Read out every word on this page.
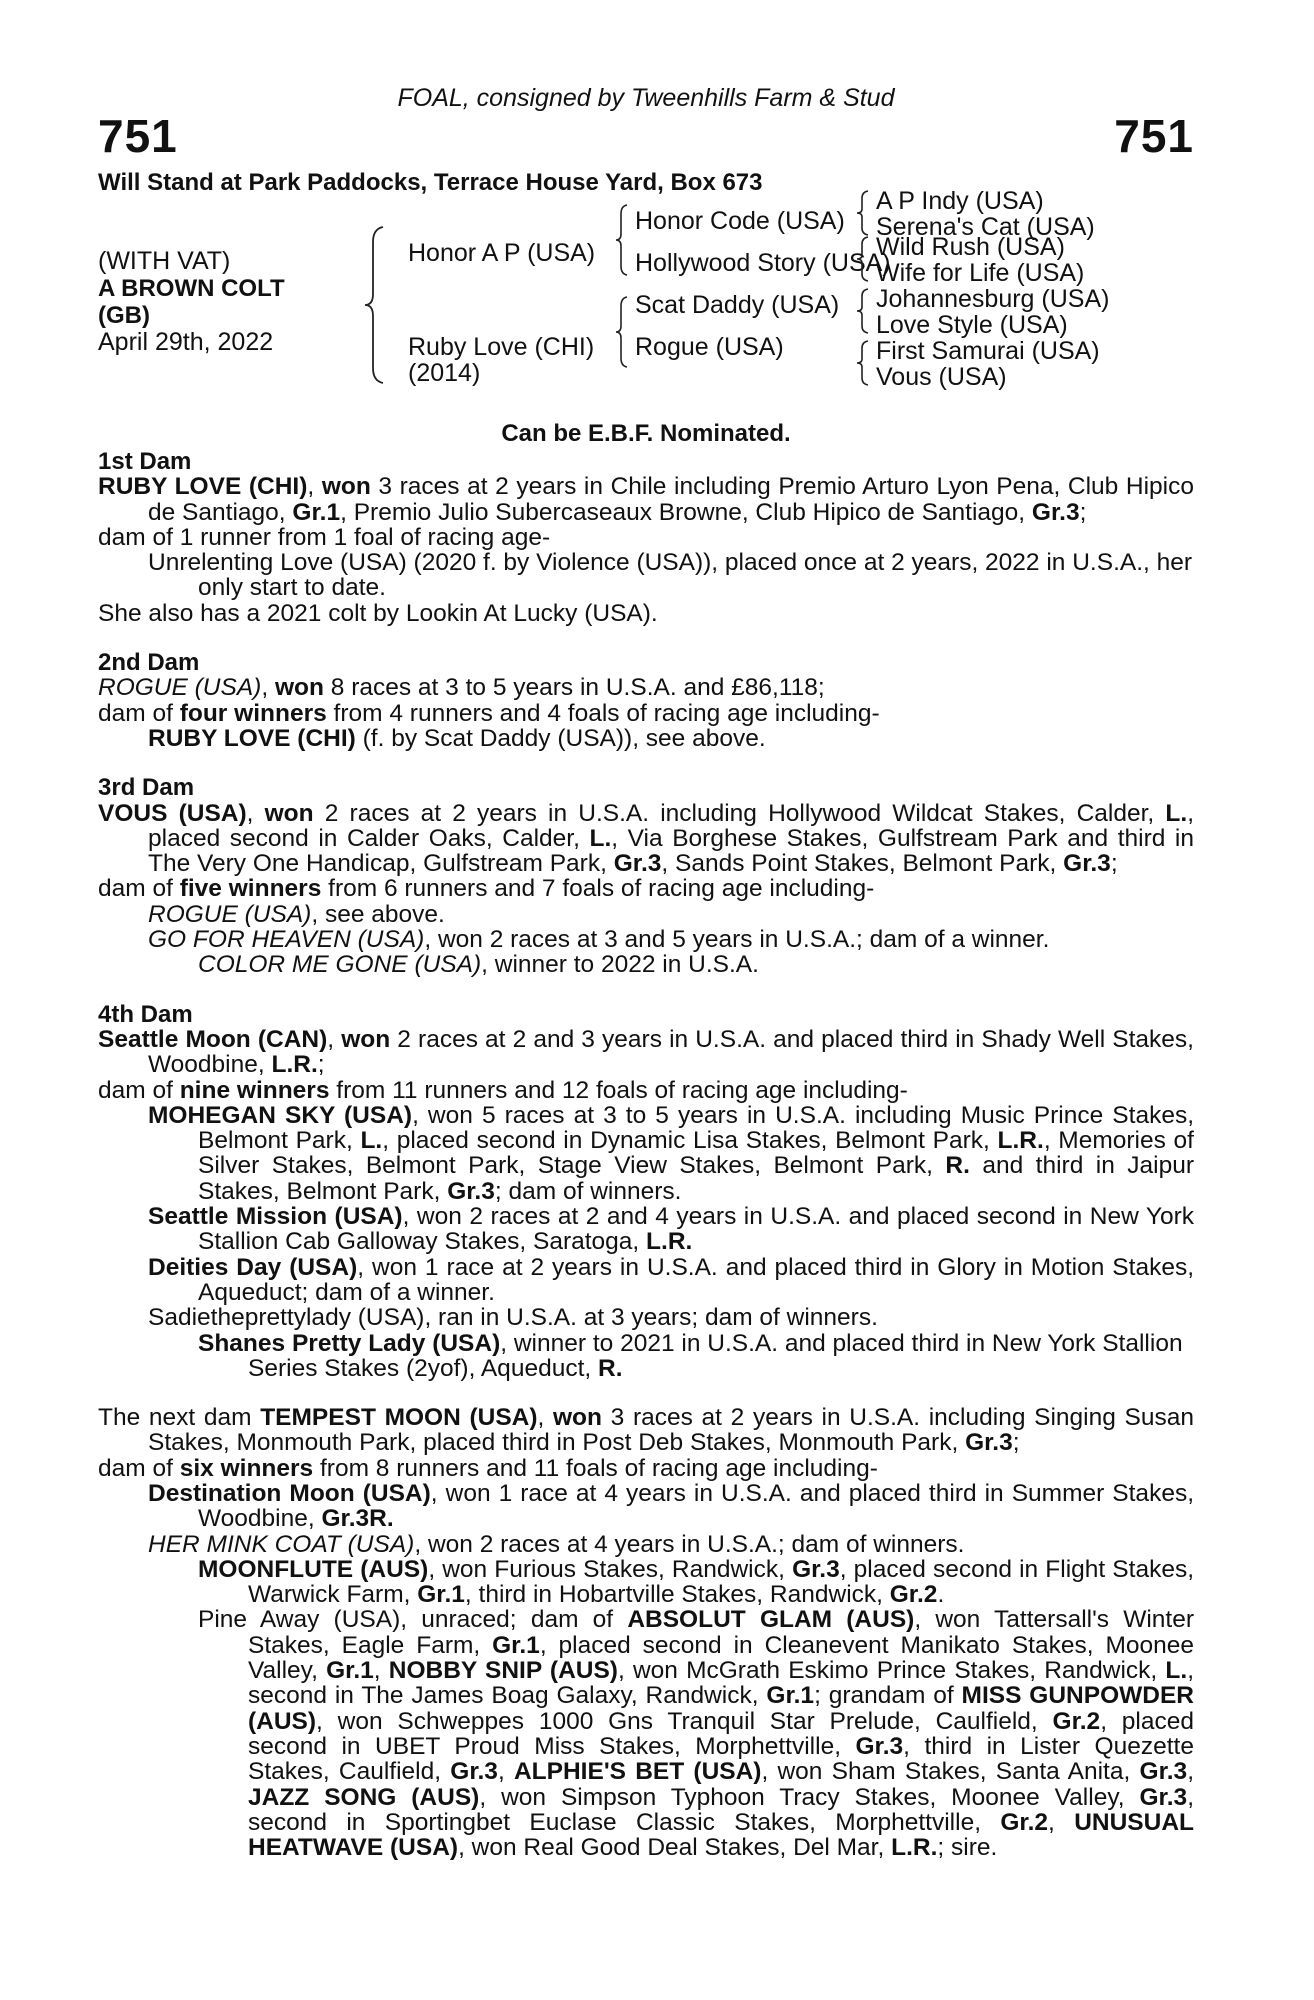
FOAL, consigned by Tweenhills Farm & Stud
751	751
Will Stand at Park Paddocks, Terrace House Yard, Box 673
(WITH VAT)
A BROWN COLT
(GB)
April 29th, 2022
Honor A P (USA)
Ruby Love (CHI)
(2014)
Honor Code (USA)
Hollywood Story (USA)
Scat Daddy (USA)
Rogue (USA)
A P Indy (USA)
Serena's Cat (USA)
Wild Rush (USA)
Wife for Life (USA)
Johannesburg (USA)
Love Style (USA)
First Samurai (USA)
Vous (USA)
Can be E.B.F. Nominated.
1st Dam
RUBY LOVE (CHI), won 3 races at 2 years in Chile including Premio Arturo Lyon Pena, Club Hipico de Santiago, Gr.1, Premio Julio Subercaseaux Browne, Club Hipico de Santiago, Gr.3;
dam of 1 runner from 1 foal of racing age-
Unrelenting Love (USA) (2020 f. by Violence (USA)), placed once at 2 years, 2022 in U.S.A., her only start to date.
She also has a 2021 colt by Lookin At Lucky (USA).
2nd Dam
ROGUE (USA), won 8 races at 3 to 5 years in U.S.A. and £86,118;
dam of four winners from 4 runners and 4 foals of racing age including-
RUBY LOVE (CHI) (f. by Scat Daddy (USA)), see above.
3rd Dam
VOUS (USA), won 2 races at 2 years in U.S.A. including Hollywood Wildcat Stakes, Calder, L., placed second in Calder Oaks, Calder, L., Via Borghese Stakes, Gulfstream Park and third in The Very One Handicap, Gulfstream Park, Gr.3, Sands Point Stakes, Belmont Park, Gr.3;
dam of five winners from 6 runners and 7 foals of racing age including-
ROGUE (USA), see above.
GO FOR HEAVEN (USA), won 2 races at 3 and 5 years in U.S.A.; dam of a winner.
COLOR ME GONE (USA), winner to 2022 in U.S.A.
4th Dam
Seattle Moon (CAN), won 2 races at 2 and 3 years in U.S.A. and placed third in Shady Well Stakes, Woodbine, L.R.;
dam of nine winners from 11 runners and 12 foals of racing age including-
MOHEGAN SKY (USA), won 5 races at 3 to 5 years in U.S.A. including Music Prince Stakes, Belmont Park, L., placed second in Dynamic Lisa Stakes, Belmont Park, L.R., Memories of Silver Stakes, Belmont Park, Stage View Stakes, Belmont Park, R. and third in Jaipur Stakes, Belmont Park, Gr.3; dam of winners.
Seattle Mission (USA), won 2 races at 2 and 4 years in U.S.A. and placed second in New York Stallion Cab Galloway Stakes, Saratoga, L.R.
Deities Day (USA), won 1 race at 2 years in U.S.A. and placed third in Glory in Motion Stakes, Aqueduct; dam of a winner.
Sadietheprettylady (USA), ran in U.S.A. at 3 years; dam of winners.
Shanes Pretty Lady (USA), winner to 2021 in U.S.A. and placed third in New York Stallion Series Stakes (2yof), Aqueduct, R.
The next dam TEMPEST MOON (USA), won 3 races at 2 years in U.S.A. including Singing Susan Stakes, Monmouth Park, placed third in Post Deb Stakes, Monmouth Park, Gr.3;
dam of six winners from 8 runners and 11 foals of racing age including-
Destination Moon (USA), won 1 race at 4 years in U.S.A. and placed third in Summer Stakes, Woodbine, Gr.3R.
HER MINK COAT (USA), won 2 races at 4 years in U.S.A.; dam of winners.
MOONFLUTE (AUS), won Furious Stakes, Randwick, Gr.3, placed second in Flight Stakes, Warwick Farm, Gr.1, third in Hobartville Stakes, Randwick, Gr.2.
Pine Away (USA), unraced; dam of ABSOLUT GLAM (AUS), won Tattersall's Winter Stakes, Eagle Farm, Gr.1, placed second in Cleanevent Manikato Stakes, Moonee Valley, Gr.1, NOBBY SNIP (AUS), won McGrath Eskimo Prince Stakes, Randwick, L., second in The James Boag Galaxy, Randwick, Gr.1; grandam of MISS GUNPOWDER (AUS), won Schweppes 1000 Gns Tranquil Star Prelude, Caulfield, Gr.2, placed second in UBET Proud Miss Stakes, Morphettville, Gr.3, third in Lister Quezette Stakes, Caulfield, Gr.3, ALPHIE'S BET (USA), won Sham Stakes, Santa Anita, Gr.3, JAZZ SONG (AUS), won Simpson Typhoon Tracy Stakes, Moonee Valley, Gr.3, second in Sportingbet Euclase Classic Stakes, Morphettville, Gr.2, UNUSUAL HEATWAVE (USA), won Real Good Deal Stakes, Del Mar, L.R.; sire.
